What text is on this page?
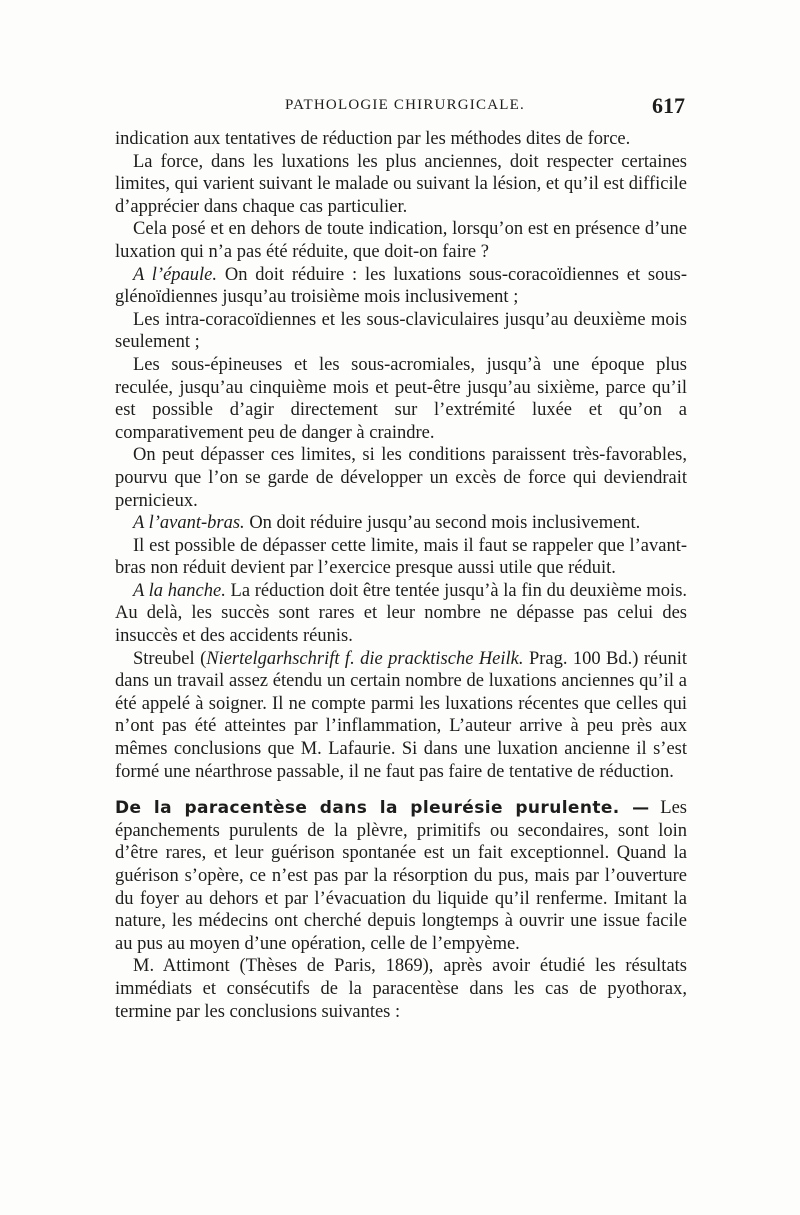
PATHOLOGIE CHIRURGICALE.	617

indication aux tentatives de réduction par les méthodes dites de force.

La force, dans les luxations les plus anciennes, doit respecter certaines limites, qui varient suivant le malade ou suivant la lésion, et qu’il est difficile d’apprécier dans chaque cas particulier.

Cela posé et en dehors de toute indication, lorsqu’on est en présence d’une luxation qui n’a pas été réduite, que doit-on faire ?

A l’épaule. On doit réduire : les luxations sous-coracoïdiennes et sous-glénoïdiennes jusqu’au troisième mois inclusivement ;

Les intra-coracoïdiennes et les sous-claviculaires jusqu’au deuxième mois seulement ;

Les sous-épineuses et les sous-acromiales, jusqu’à une époque plus reculée, jusqu’au cinquième mois et peut-être jusqu’au sixième, parce qu’il est possible d’agir directement sur l’extrémité luxée et qu’on a comparativement peu de danger à craindre.

On peut dépasser ces limites, si les conditions paraissent très-favorables, pourvu que l’on se garde de développer un excès de force qui deviendrait pernicieux.

A l’avant-bras. On doit réduire jusqu’au second mois inclusivement.

Il est possible de dépasser cette limite, mais il faut se rappeler que l’avant-bras non réduit devient par l’exercice presque aussi utile que réduit.

A la hanche. La réduction doit être tentée jusqu’à la fin du deuxième mois. Au delà, les succès sont rares et leur nombre ne dépasse pas celui des insuccès et des accidents réunis.

Streubel (Niertelgarhschrift f. die pracktische Heilk. Prag. 100 Bd.) réunit dans un travail assez étendu un certain nombre de luxations anciennes qu’il a été appelé à soigner. Il ne compte parmi les luxations récentes que celles qui n’ont pas été atteintes par l’inflammation, L’auteur arrive à peu près aux mêmes conclusions que M. Lafaurie. Si dans une luxation ancienne il s’est formé une néarthrose passable, il ne faut pas faire de tentative de réduction.

De la paracentèse dans la pleurésie purulente. — Les épanchements purulents de la plèvre, primitifs ou secondaires, sont loin d’être rares, et leur guérison spontanée est un fait exceptionnel. Quand la guérison s’opère, ce n’est pas par la résorption du pus, mais par l’ouverture du foyer au dehors et par l’évacuation du liquide qu’il renferme. Imitant la nature, les médecins ont cherché depuis longtemps à ouvrir une issue facile au pus au moyen d’une opération, celle de l’empyème.

M. Attimont (Thèses de Paris, 1869), après avoir étudié les résultats immédiats et consécutifs de la paracentèse dans les cas de pyothorax, termine par les conclusions suivantes :
